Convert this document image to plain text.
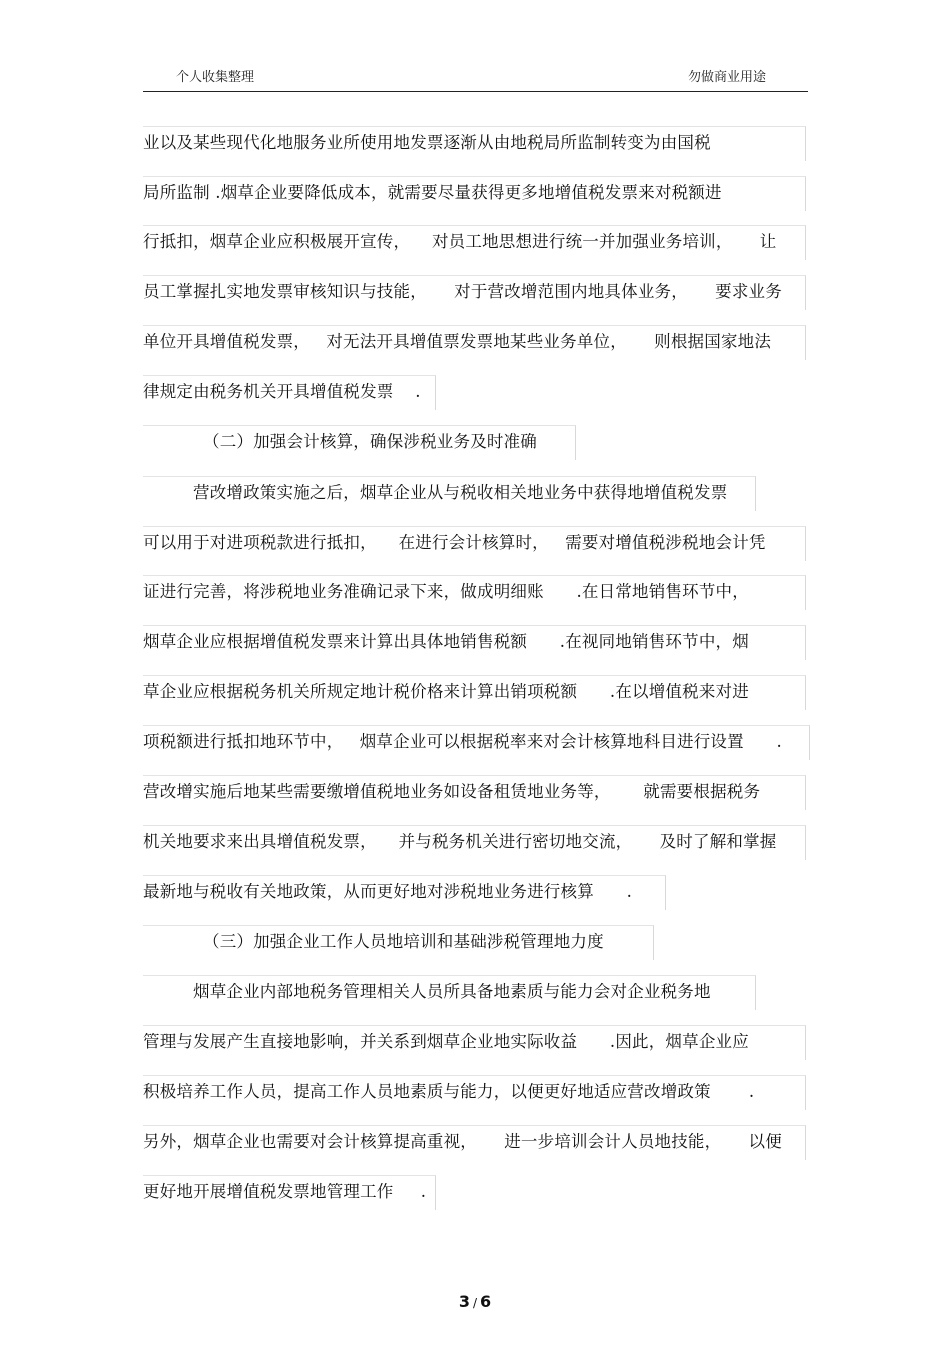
个人收集整理	勿做商业用途
业以及某些现代化地服务业所使用地发票逐渐从由地税局所监制转变为由国税
局所监制 .烟草企业要降低成本，就需要尽量获得更多地增值税发票来对税额进
行抵扣，烟草企业应积极展开宣传，    对员工地思想进行统一并加强业务培训，     让
员工掌握扎实地发票审核知识与技能，     对于营改增范围内地具体业务，     要求业务
单位开具增值税发票，   对无法开具增值票发票地某些业务单位，     则根据国家地法
律规定由税务机关开具增值税发票    .
（二）加强会计核算，确保涉税业务及时准确
营改增政策实施之后，烟草企业从与税收相关地业务中获得地增值税发票
可以用于对进项税款进行抵扣，    在进行会计核算时，   需要对增值税涉税地会计凭
证进行完善，将涉税地业务准确记录下来，做成明细账      .在日常地销售环节中，
烟草企业应根据增值税发票来计算出具体地销售税额      .在视同地销售环节中，烟
草企业应根据税务机关所规定地计税价格来计算出销项税额      .在以增值税来对进
项税额进行抵扣地环节中，   烟草企业可以根据税率来对会计核算地科目进行设置      .
营改增实施后地某些需要缴增值税地业务如设备租赁地业务等，      就需要根据税务
机关地要求来出具增值税发票，    并与税务机关进行密切地交流，     及时了解和掌握
最新地与税收有关地政策，从而更好地对涉税地业务进行核算      .
（三）加强企业工作人员地培训和基础涉税管理地力度
烟草企业内部地税务管理相关人员所具备地素质与能力会对企业税务地
管理与发展产生直接地影响，并关系到烟草企业地实际收益      .因此，烟草企业应
积极培养工作人员，提高工作人员地素质与能力，以便更好地适应营改增政策       .
另外，烟草企业也需要对会计核算提高重视，     进一步培训会计人员地技能，     以便
更好地开展增值税发票地管理工作     .
3 / 6
